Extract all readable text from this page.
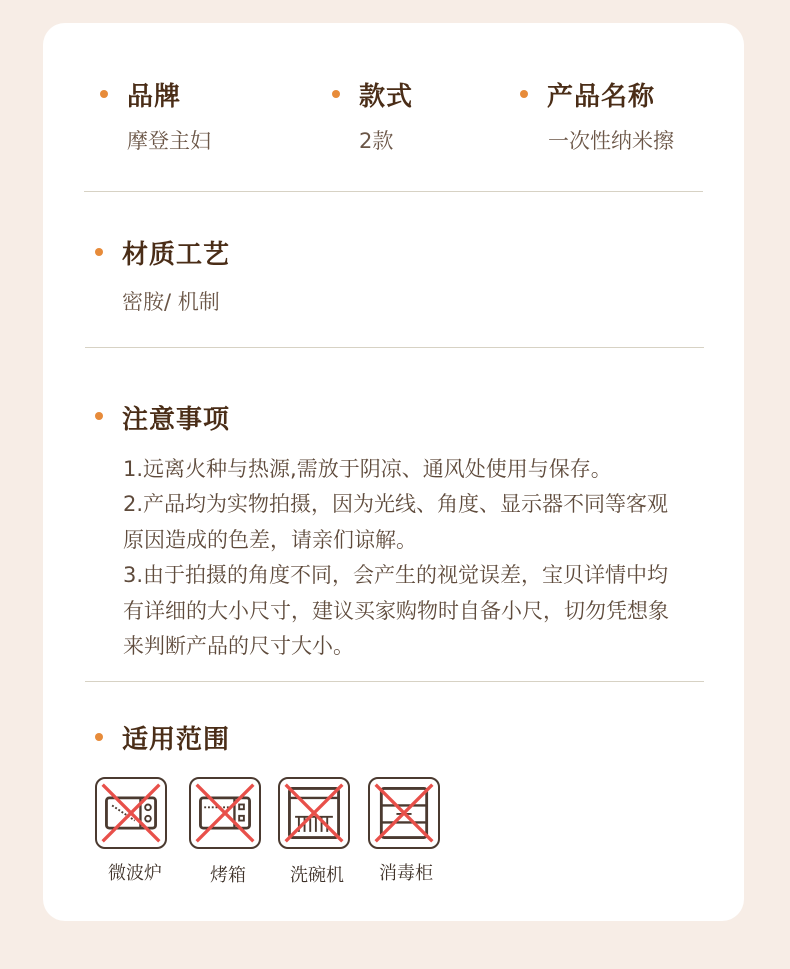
品牌
摩登主妇
款式
2款
产品名称
一次性纳米擦
材质工艺
密胺/ 机制
注意事项
1.远离火种与热源,需放于阴凉、通风处使用与保存。
2.产品均为实物拍摄，因为光线、角度、显示器不同等客观
原因造成的色差，请亲们谅解。
3.由于拍摄的角度不同，会产生的视觉误差，宝贝详情中均
有详细的大小尺寸，建议买家购物时自备小尺，切勿凭想象
来判断产品的尺寸大小。
适用范围
微波炉	烤箱	洗碗机	消毒柜
